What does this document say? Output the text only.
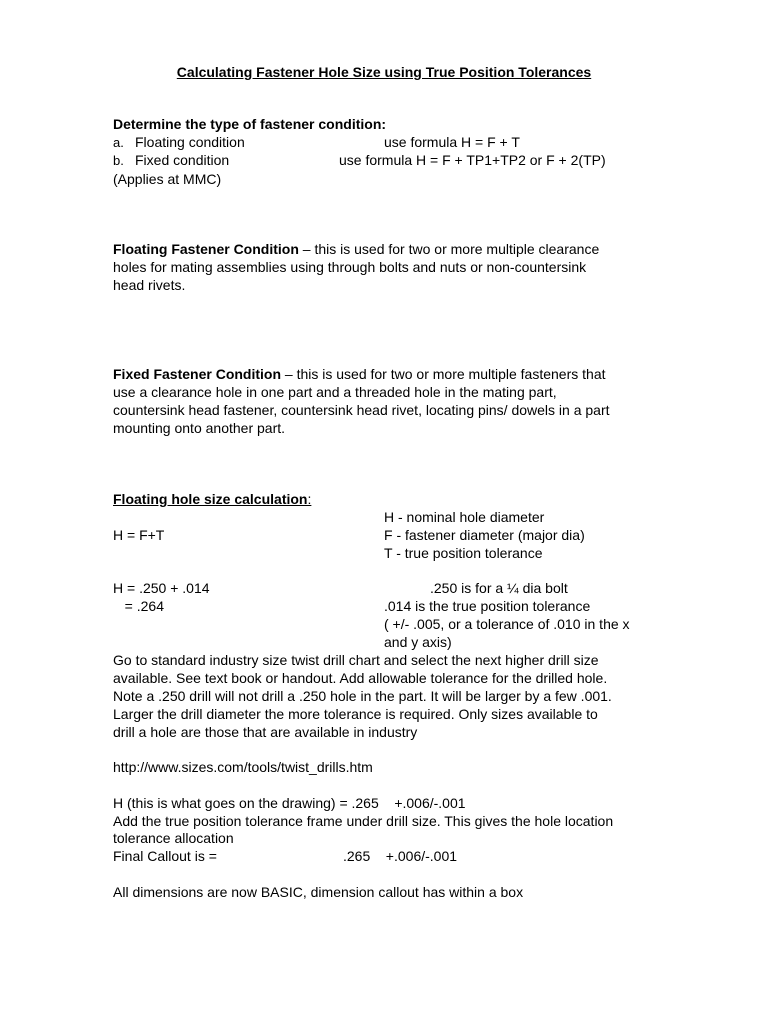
Calculating Fastener Hole Size using True Position Tolerances
Determine the type of fastener condition:
a. Floating condition	use formula H = F + T
b. Fixed condition	use formula H = F + TP1+TP2 or F + 2(TP)
(Applies at MMC)
Floating Fastener Condition – this is used for two or more multiple clearance
holes for mating assemblies using through bolts and nuts or non-countersink
head rivets.
Fixed Fastener Condition – this is used for two or more multiple fasteners that
use a clearance hole in one part and a threaded hole in the mating part,
countersink head fastener, countersink head rivet, locating pins/ dowels in a part
mounting onto another part.
Floating hole size calculation:
H - nominal hole diameter
H = F+T	F - fastener diameter (major dia)
T - true position tolerance
H = .250 + .014	.250 is for a ¼ dia bolt
= .264	.014 is the true position tolerance
( +/- .005, or a tolerance of .010 in the x
and y axis)
Go to standard industry size twist drill chart and select the next higher drill size
available. See text book or handout. Add allowable tolerance for the drilled hole.
Note a .250 drill will not drill a .250 hole in the part. It will be larger by a few .001.
Larger the drill diameter the more tolerance is required. Only sizes available to
drill a hole are those that are available in industry
http://www.sizes.com/tools/twist_drills.htm
H (this is what goes on the drawing) = .265    +.006/-.001
Add the true position tolerance frame under drill size. This gives the hole location
tolerance allocation
Final Callout is =	.265    +.006/-.001
All dimensions are now BASIC, dimension callout has within a box
